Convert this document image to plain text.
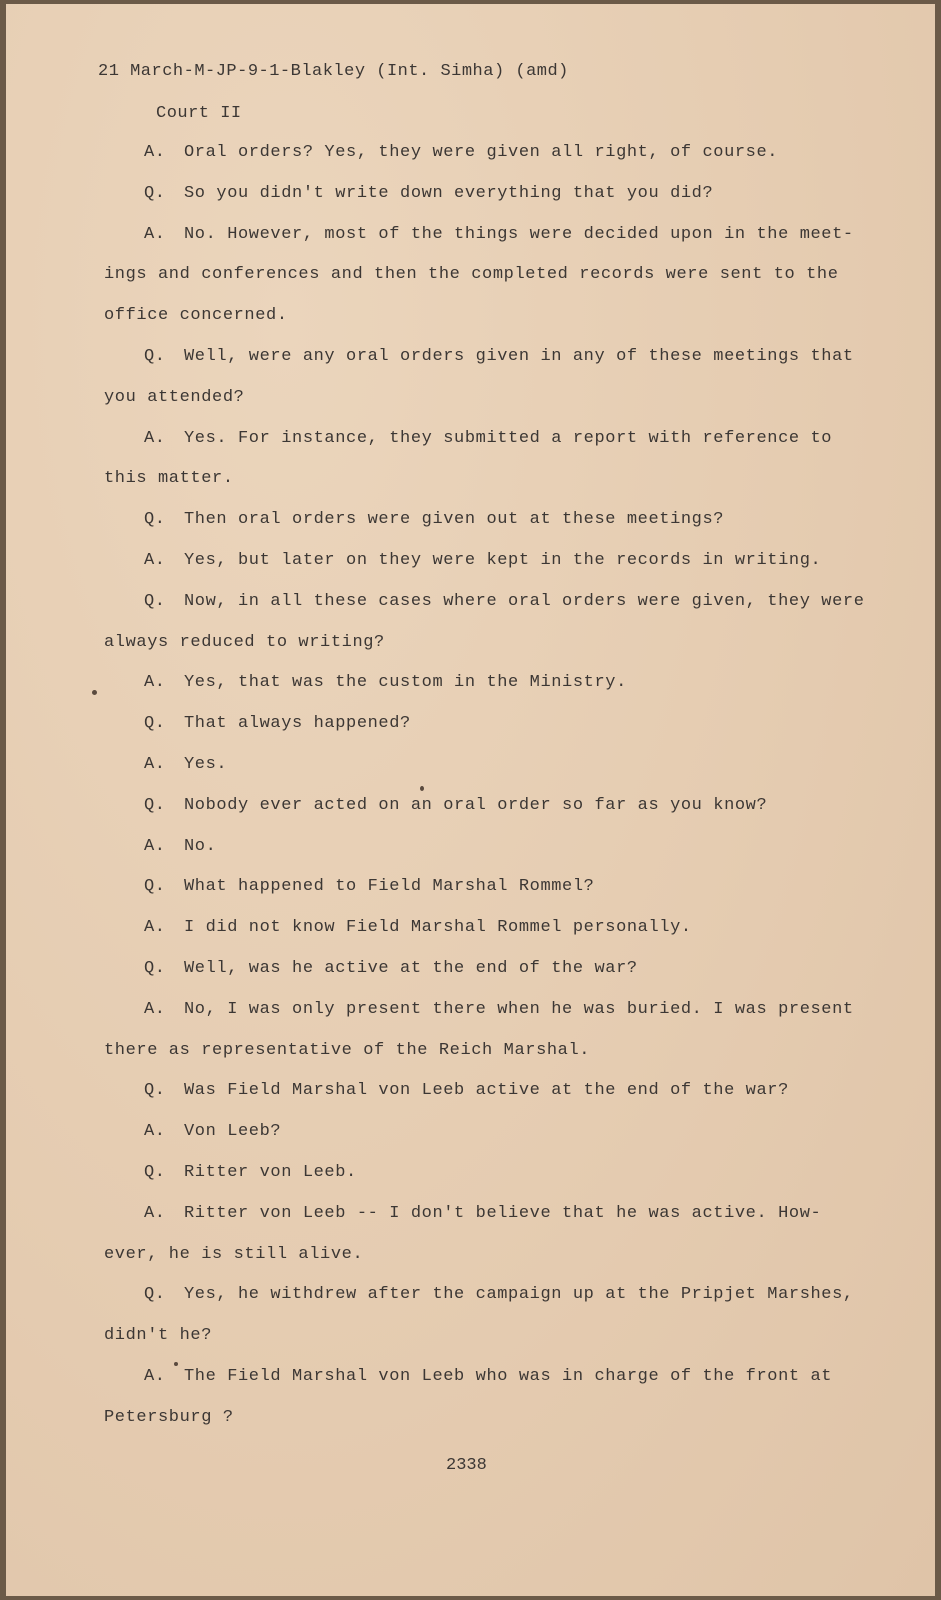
21 March-M-JP-9-1-Blakley (Int. Simha) (amd)
Court II
A. Oral orders? Yes, they were given all right, of course.
Q. So you didn't write down everything that you did?
A. No. However, most of the things were decided upon in the meet-
ings and conferences and then the completed records were sent to the
office concerned.
Q. Well, were any oral orders given in any of these meetings that
you attended?
A. Yes. For instance, they submitted a report with reference to
this matter.
Q. Then oral orders were given out at these meetings?
A. Yes, but later on they were kept in the records in writing.
Q. Now, in all these cases where oral orders were given, they were
always reduced to writing?
A. Yes, that was the custom in the Ministry.
Q. That always happened?
A. Yes.
Q. Nobody ever acted on an oral order so far as you know?
A. No.
Q. What happened to Field Marshal Rommel?
A. I did not know Field Marshal Rommel personally.
Q. Well, was he active at the end of the war?
A. No, I was only present there when he was buried. I was present
there as representative of the Reich Marshal.
Q. Was Field Marshal von Leeb active at the end of the war?
A. Von Leeb?
Q. Ritter von Leeb.
A. Ritter von Leeb -- I don't believe that he was active. How-
ever, he is still alive.
Q. Yes, he withdrew after the campaign up at the Pripjet Marshes,
didn't he?
A. The Field Marshal von Leeb who was in charge of the front at
Petersburg ?
2338
